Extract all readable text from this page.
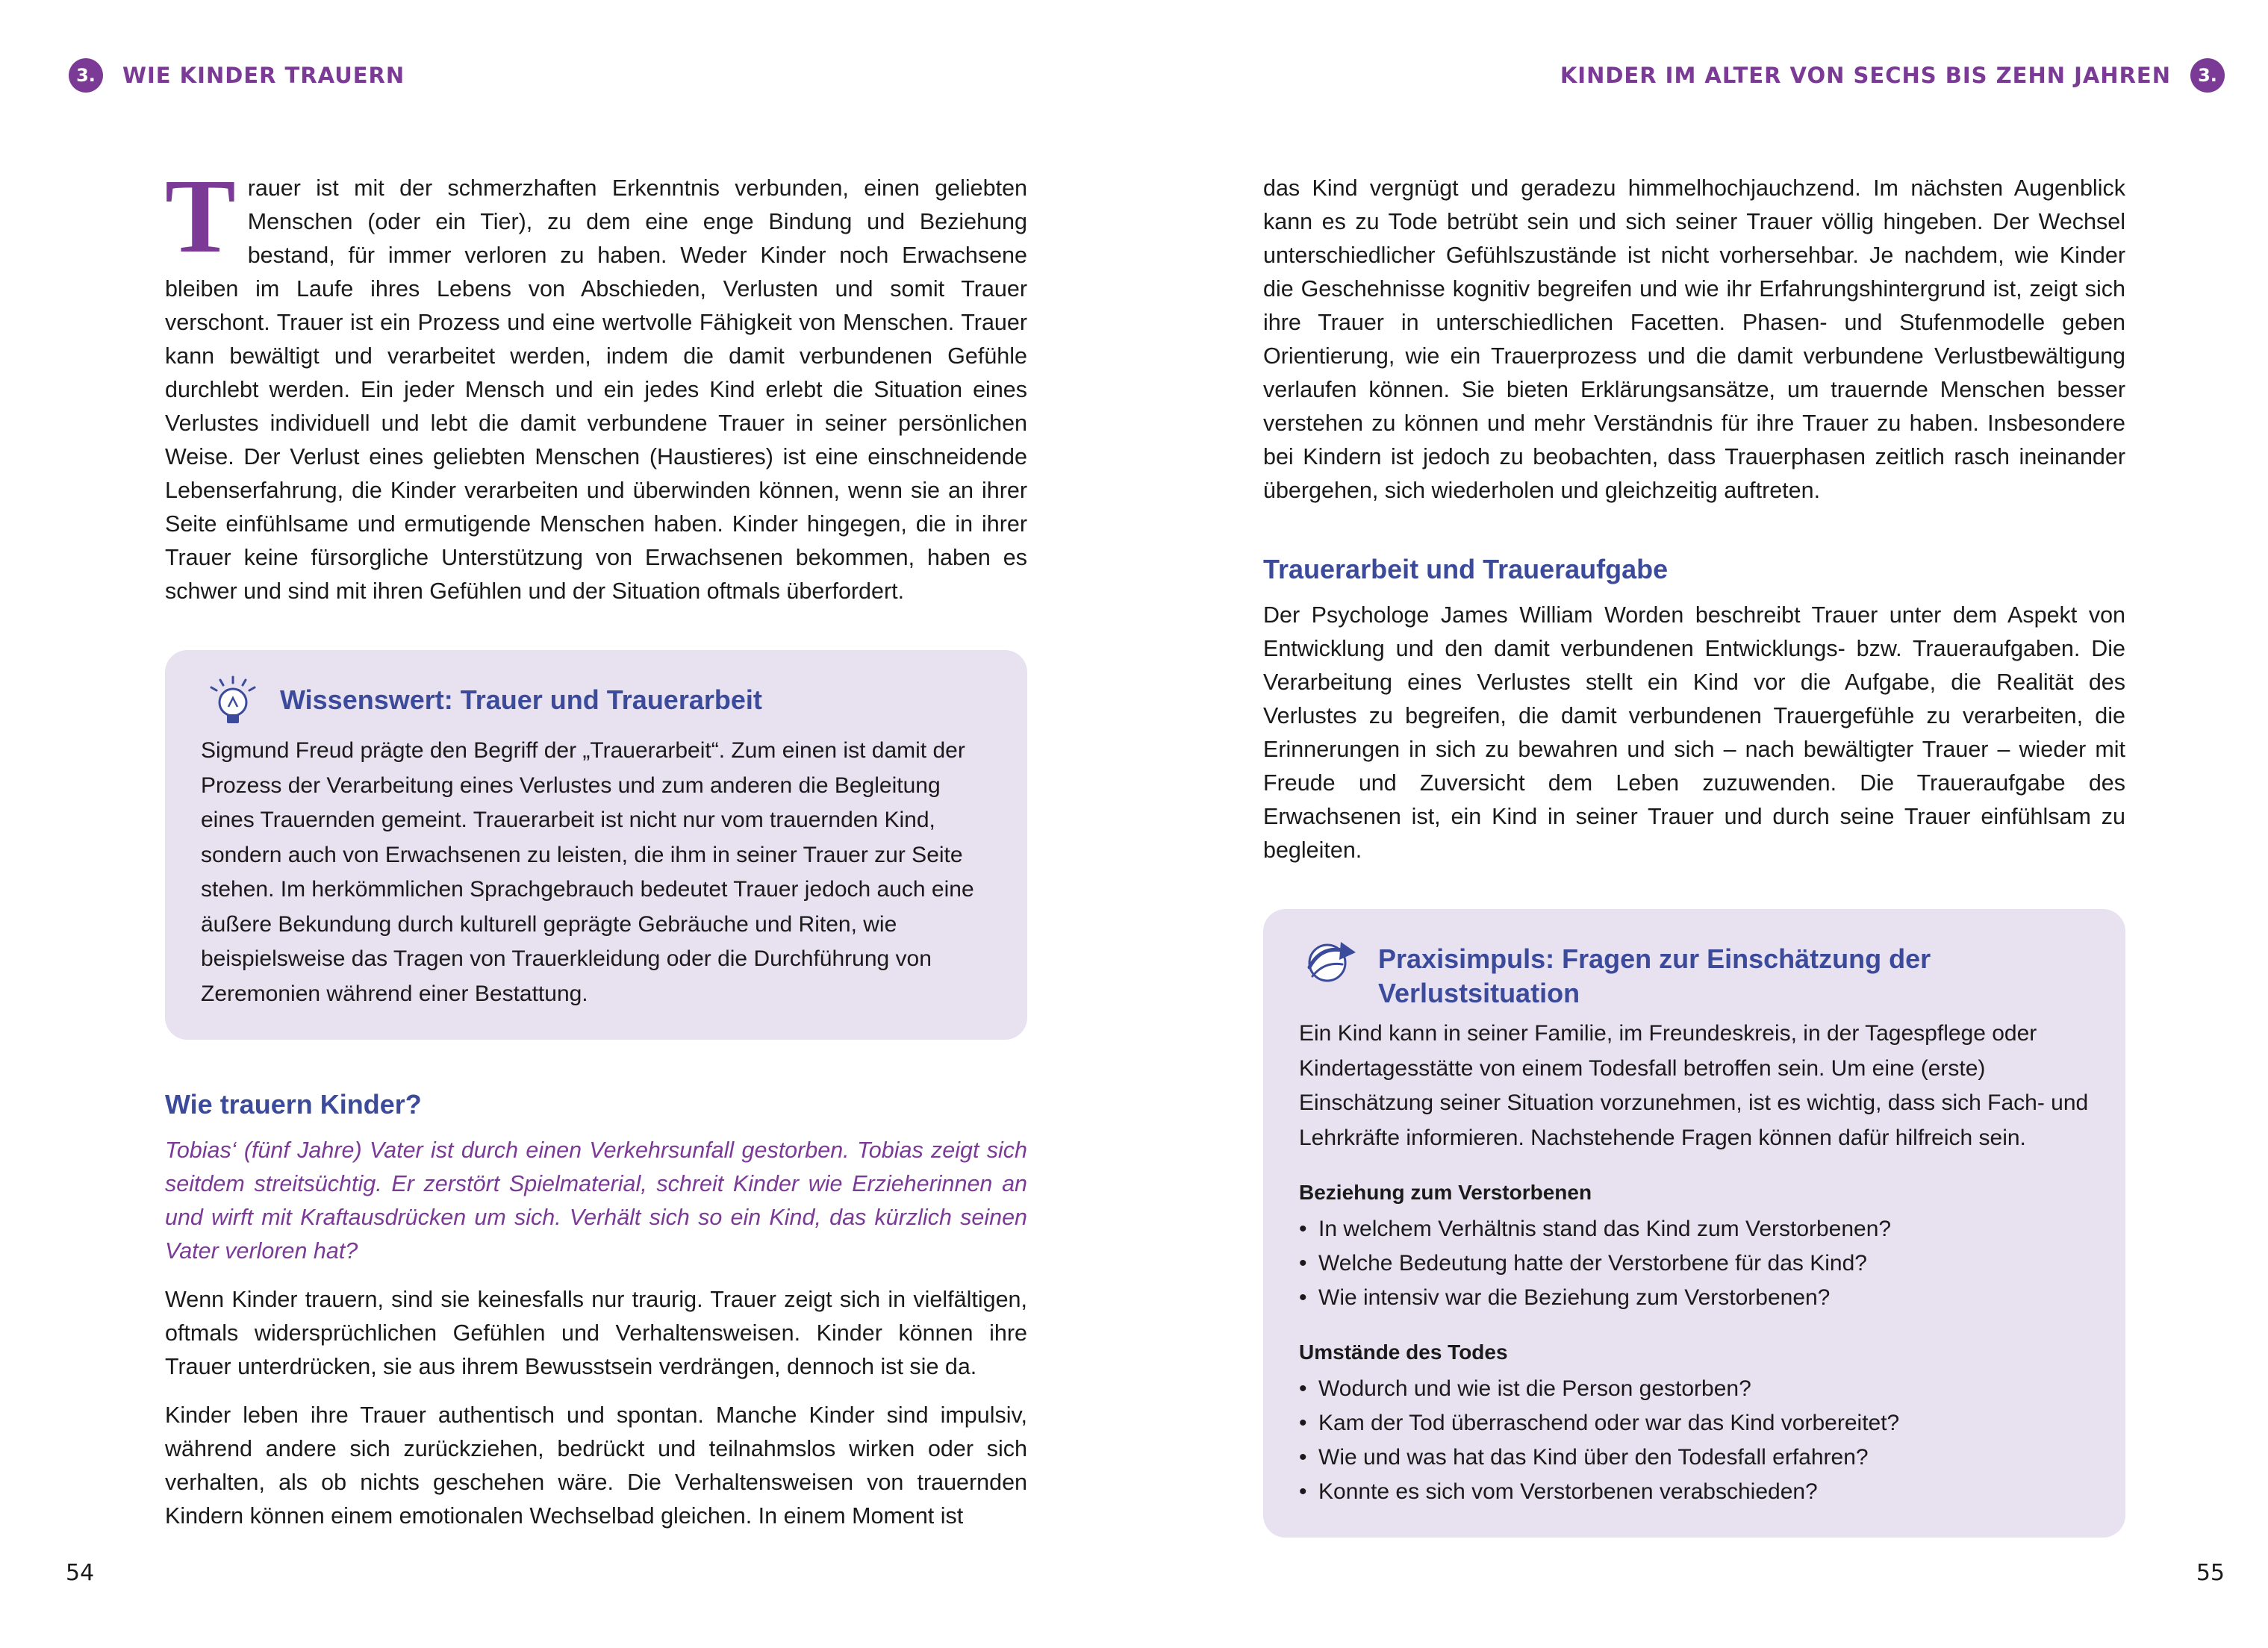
3.	WIE KINDER TRAUERN

Trauer ist mit der schmerzhaften Erkenntnis verbunden, einen geliebten Menschen (oder ein Tier), zu dem eine enge Bindung und Beziehung bestand, für immer verloren zu haben. Weder Kinder noch Erwachsene bleiben im Laufe ihres Lebens von Abschieden, Verlusten und somit Trauer verschont. Trauer ist ein Prozess und eine wertvolle Fähigkeit von Menschen. Trauer kann bewältigt und verarbeitet werden, indem die damit verbundenen Gefühle durchlebt werden. Ein jeder Mensch und ein jedes Kind erlebt die Situation eines Verlustes individuell und lebt die damit verbundene Trauer in seiner persönlichen Weise. Der Verlust eines geliebten Menschen (Haustieres) ist eine einschneidende Lebenserfahrung, die Kinder verarbeiten und überwinden können, wenn sie an ihrer Seite einfühlsame und ermutigende Menschen haben. Kinder hingegen, die in ihrer Trauer keine fürsorgliche Unterstützung von Erwachsenen bekommen, haben es schwer und sind mit ihren Gefühlen und der Situation oftmals überfordert.

Wissenswert: Trauer und Trauerarbeit

Sigmund Freud prägte den Begriff der „Trauerarbeit“. Zum einen ist damit der Prozess der Verarbeitung eines Verlustes und zum anderen die Begleitung eines Trauernden gemeint. Trauerarbeit ist nicht nur vom trauernden Kind, sondern auch von Erwachsenen zu leisten, die ihm in seiner Trauer zur Seite stehen. Im herkömmlichen Sprachgebrauch bedeutet Trauer jedoch auch eine äußere Bekundung durch kulturell geprägte Gebräuche und Riten, wie beispielsweise das Tragen von Trauerkleidung oder die Durchführung von Zeremonien während einer Bestattung.

Wie trauern Kinder?

Tobias‘ (fünf Jahre) Vater ist durch einen Verkehrsunfall gestorben. Tobias zeigt sich seitdem streitsüchtig. Er zerstört Spielmaterial, schreit Kinder wie Erzieherinnen an und wirft mit Kraftausdrücken um sich. Verhält sich so ein Kind, das kürzlich seinen Vater verloren hat?

Wenn Kinder trauern, sind sie keinesfalls nur traurig. Trauer zeigt sich in vielfältigen, oftmals widersprüchlichen Gefühlen und Verhaltensweisen. Kinder können ihre Trauer unterdrücken, sie aus ihrem Bewusstsein verdrängen, dennoch ist sie da.

Kinder leben ihre Trauer authentisch und spontan. Manche Kinder sind impulsiv, während andere sich zurückziehen, bedrückt und teilnahmslos wirken oder sich verhalten, als ob nichts geschehen wäre. Die Verhaltensweisen von trauernden Kindern können einem emotionalen Wechselbad gleichen. In einem Moment ist

54
KINDER IM ALTER VON SECHS BIS ZEHN JAHREN	3.

das Kind vergnügt und geradezu himmelhochjauchzend. Im nächsten Augenblick kann es zu Tode betrübt sein und sich seiner Trauer völlig hingeben. Der Wechsel unterschiedlicher Gefühlszustände ist nicht vorhersehbar. Je nachdem, wie Kinder die Geschehnisse kognitiv begreifen und wie ihr Erfahrungshintergrund ist, zeigt sich ihre Trauer in unterschiedlichen Facetten. Phasen- und Stufenmodelle geben Orientierung, wie ein Trauerprozess und die damit verbundene Verlustbewältigung verlaufen können. Sie bieten Erklärungsansätze, um trauernde Menschen besser verstehen zu können und mehr Verständnis für ihre Trauer zu haben. Insbesondere bei Kindern ist jedoch zu beobachten, dass Trauerphasen zeitlich rasch ineinander übergehen, sich wiederholen und gleichzeitig auftreten.

Trauerarbeit und Traueraufgabe

Der Psychologe James William Worden beschreibt Trauer unter dem Aspekt von Entwicklung und den damit verbundenen Entwicklungs- bzw. Traueraufgaben. Die Verarbeitung eines Verlustes stellt ein Kind vor die Aufgabe, die Realität des Verlustes zu begreifen, die damit verbundenen Trauergefühle zu verarbeiten, die Erinnerungen in sich zu bewahren und sich – nach bewältigter Trauer – wieder mit Freude und Zuversicht dem Leben zuzuwenden. Die Traueraufgabe des Erwachsenen ist, ein Kind in seiner Trauer und durch seine Trauer einfühlsam zu begleiten.

Praxisimpuls: Fragen zur Einschätzung der Verlustsituation

Ein Kind kann in seiner Familie, im Freundeskreis, in der Tagespflege oder Kindertagesstätte von einem Todesfall betroffen sein. Um eine (erste) Einschätzung seiner Situation vorzunehmen, ist es wichtig, dass sich Fach- und Lehrkräfte informieren. Nachstehende Fragen können dafür hilfreich sein.

Beziehung zum Verstorbenen
• In welchem Verhältnis stand das Kind zum Verstorbenen?
• Welche Bedeutung hatte der Verstorbene für das Kind?
• Wie intensiv war die Beziehung zum Verstorbenen?
Umstände des Todes
• Wodurch und wie ist die Person gestorben?
• Kam der Tod überraschend oder war das Kind vorbereitet?
• Wie und was hat das Kind über den Todesfall erfahren?
• Konnte es sich vom Verstorbenen verabschieden?
55
